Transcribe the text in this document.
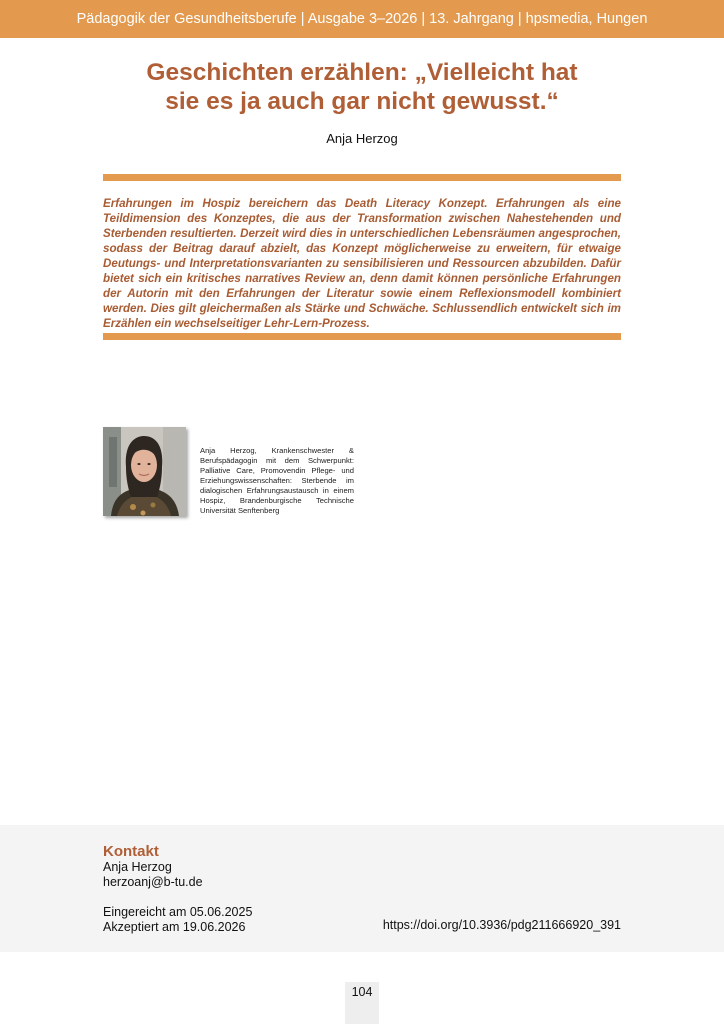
Pädagogik der Gesundheitsberufe | Ausgabe 3–2026 | 13. Jahrgang | hpsmedia, Hungen
Geschichten erzählen: „Vielleicht hat
sie es ja auch gar nicht gewusst.“
Anja Herzog
Erfahrungen im Hospiz bereichern das Death Literacy Konzept. Erfahrungen als eine Teildimension des Konzeptes, die aus der Transformation zwischen Nahestehenden und Sterbenden resultierten. Derzeit wird dies in unterschiedlichen Lebensräumen angesprochen, sodass der Beitrag darauf abzielt, das Konzept möglicherweise zu erweitern, für etwaige Deutungs- und Interpretationsvarianten zu sensibilisieren und Ressourcen abzubilden. Dafür bietet sich ein kritisches narratives Review an, denn damit können persönliche Erfahrungen der Autorin mit den Erfahrungen der Literatur sowie einem Reflexionsmodell kombiniert werden. Dies gilt gleichermaßen als Stärke und Schwäche. Schlussendlich entwickelt sich im Erzählen ein wechselseitiger Lehr-Lern-Prozess.
Anja Herzog, Krankenschwester & Berufspädagogin mit dem Schwerpunkt: Palliative Care, Promovendin Pflege- und Erziehungswissenschaften: Sterbende im dialogischen Erfahrungsaustausch in einem Hospiz, Brandenburgische Technische Universität Senftenberg
Kontakt
Anja Herzog
herzoanj@b-tu.de
Eingereicht am 05.06.2025
Akzeptiert am 19.06.2026	https://doi.org/10.3936/pdg211666920_391
104
